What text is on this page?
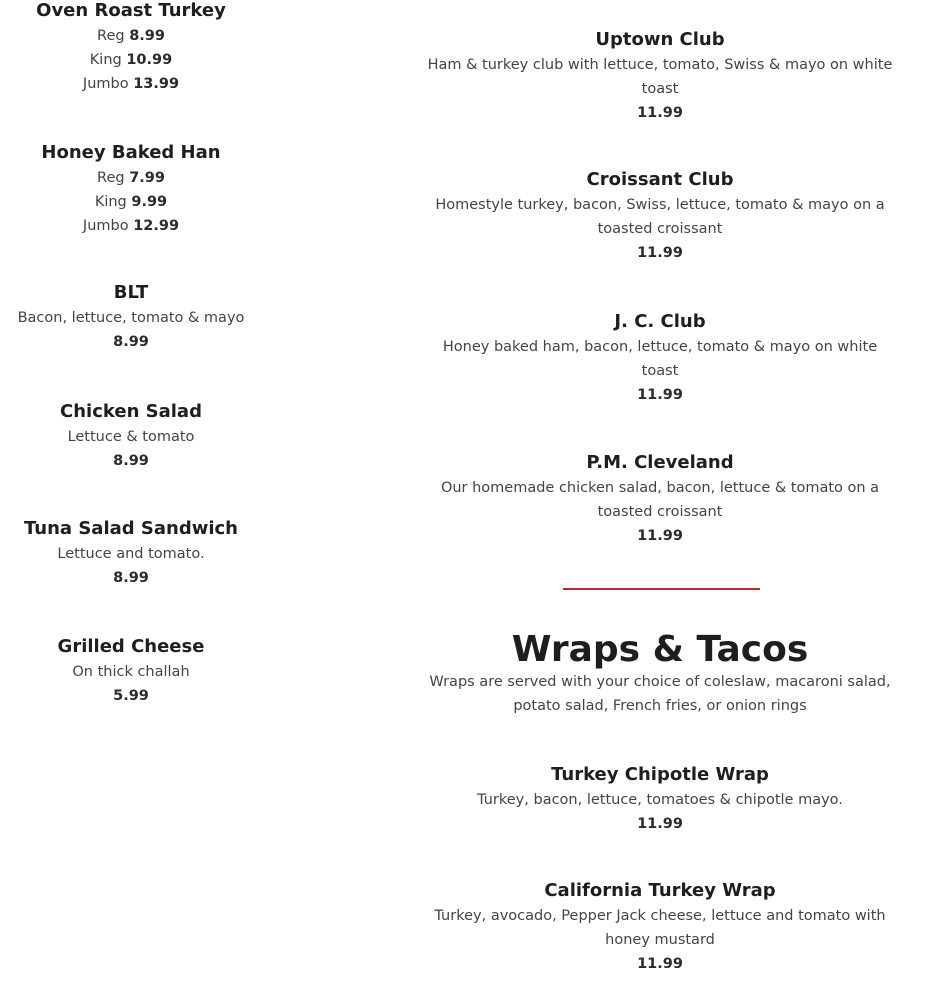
Oven Roast Turkey
Reg 8.99
King 10.99
Jumbo 13.99
Honey Baked Han
Reg 7.99
King 9.99
Jumbo 12.99
BLT
Bacon, lettuce, tomato & mayo
8.99
Chicken Salad
Lettuce & tomato
8.99
Tuna Salad Sandwich
Lettuce and tomato.
8.99
Grilled Cheese
On thick challah
5.99
Uptown Club
Ham & turkey club with lettuce, tomato, Swiss & mayo on white toast
11.99
Croissant Club
Homestyle turkey, bacon, Swiss, lettuce, tomato & mayo on a toasted croissant
11.99
J. C. Club
Honey baked ham, bacon, lettuce, tomato & mayo on white toast
11.99
P.M. Cleveland
Our homemade chicken salad, bacon, lettuce & tomato on a toasted croissant
11.99
Wraps & Tacos
Wraps are served with your choice of coleslaw, macaroni salad, potato salad, French fries, or onion rings
Turkey Chipotle Wrap
Turkey, bacon, lettuce, tomatoes & chipotle mayo.
11.99
California Turkey Wrap
Turkey, avocado, Pepper Jack cheese, lettuce and tomato with honey mustard
11.99
